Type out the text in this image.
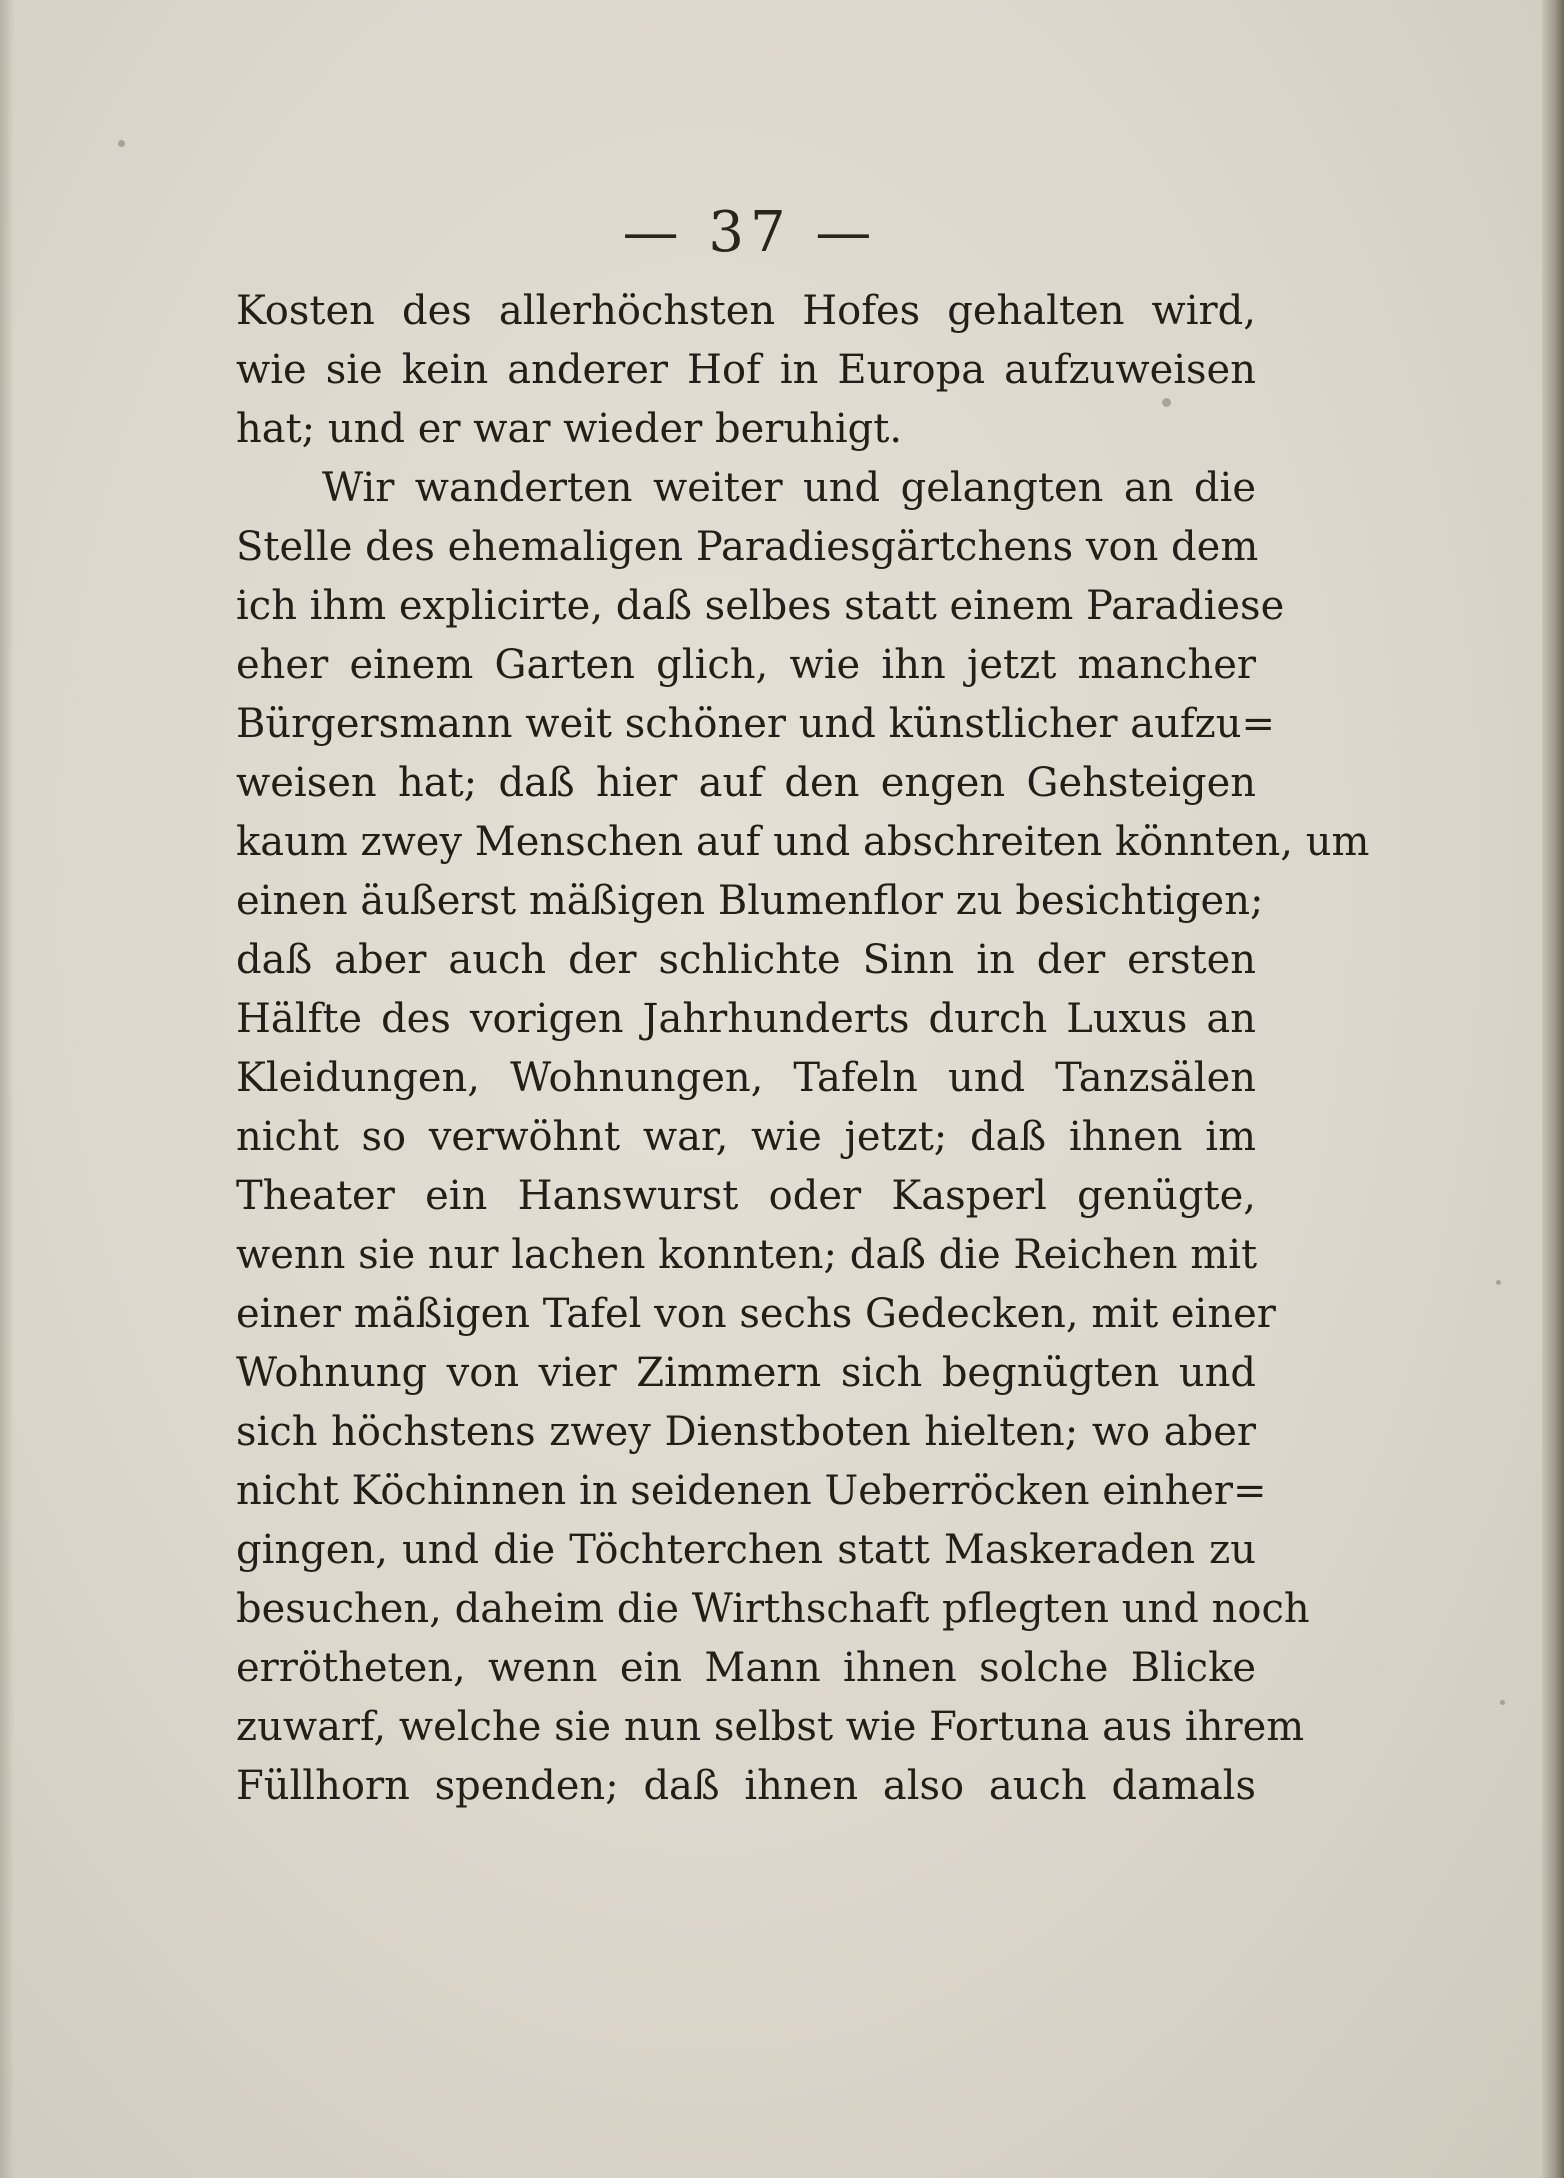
— 37 —
Kosten des allerhöchsten Hofes gehalten wird,
wie sie kein anderer Hof in Europa aufzuweisen
hat; und er war wieder beruhigt.
Wir wanderten weiter und gelangten an die
Stelle des ehemaligen Paradiesgärtchens von dem
ich ihm explicirte, daß selbes statt einem Paradiese
eher einem Garten glich, wie ihn jetzt mancher
Bürgersmann weit schöner und künstlicher aufzu=
weisen hat; daß hier auf den engen Gehsteigen
kaum zwey Menschen auf und abschreiten könnten, um
einen äußerst mäßigen Blumenflor zu besichtigen;
daß aber auch der schlichte Sinn in der ersten
Hälfte des vorigen Jahrhunderts durch Luxus an
Kleidungen, Wohnungen, Tafeln und Tanzsälen
nicht so verwöhnt war, wie jetzt; daß ihnen im
Theater ein Hanswurst oder Kasperl genügte,
wenn sie nur lachen konnten; daß die Reichen mit
einer mäßigen Tafel von sechs Gedecken, mit einer
Wohnung von vier Zimmern sich begnügten und
sich höchstens zwey Dienstboten hielten; wo aber
nicht Köchinnen in seidenen Ueberröcken einher=
gingen, und die Töchterchen statt Maskeraden zu
besuchen, daheim die Wirthschaft pflegten und noch
errötheten, wenn ein Mann ihnen solche Blicke
zuwarf, welche sie nun selbst wie Fortuna aus ihrem
Füllhorn spenden; daß ihnen also auch damals
